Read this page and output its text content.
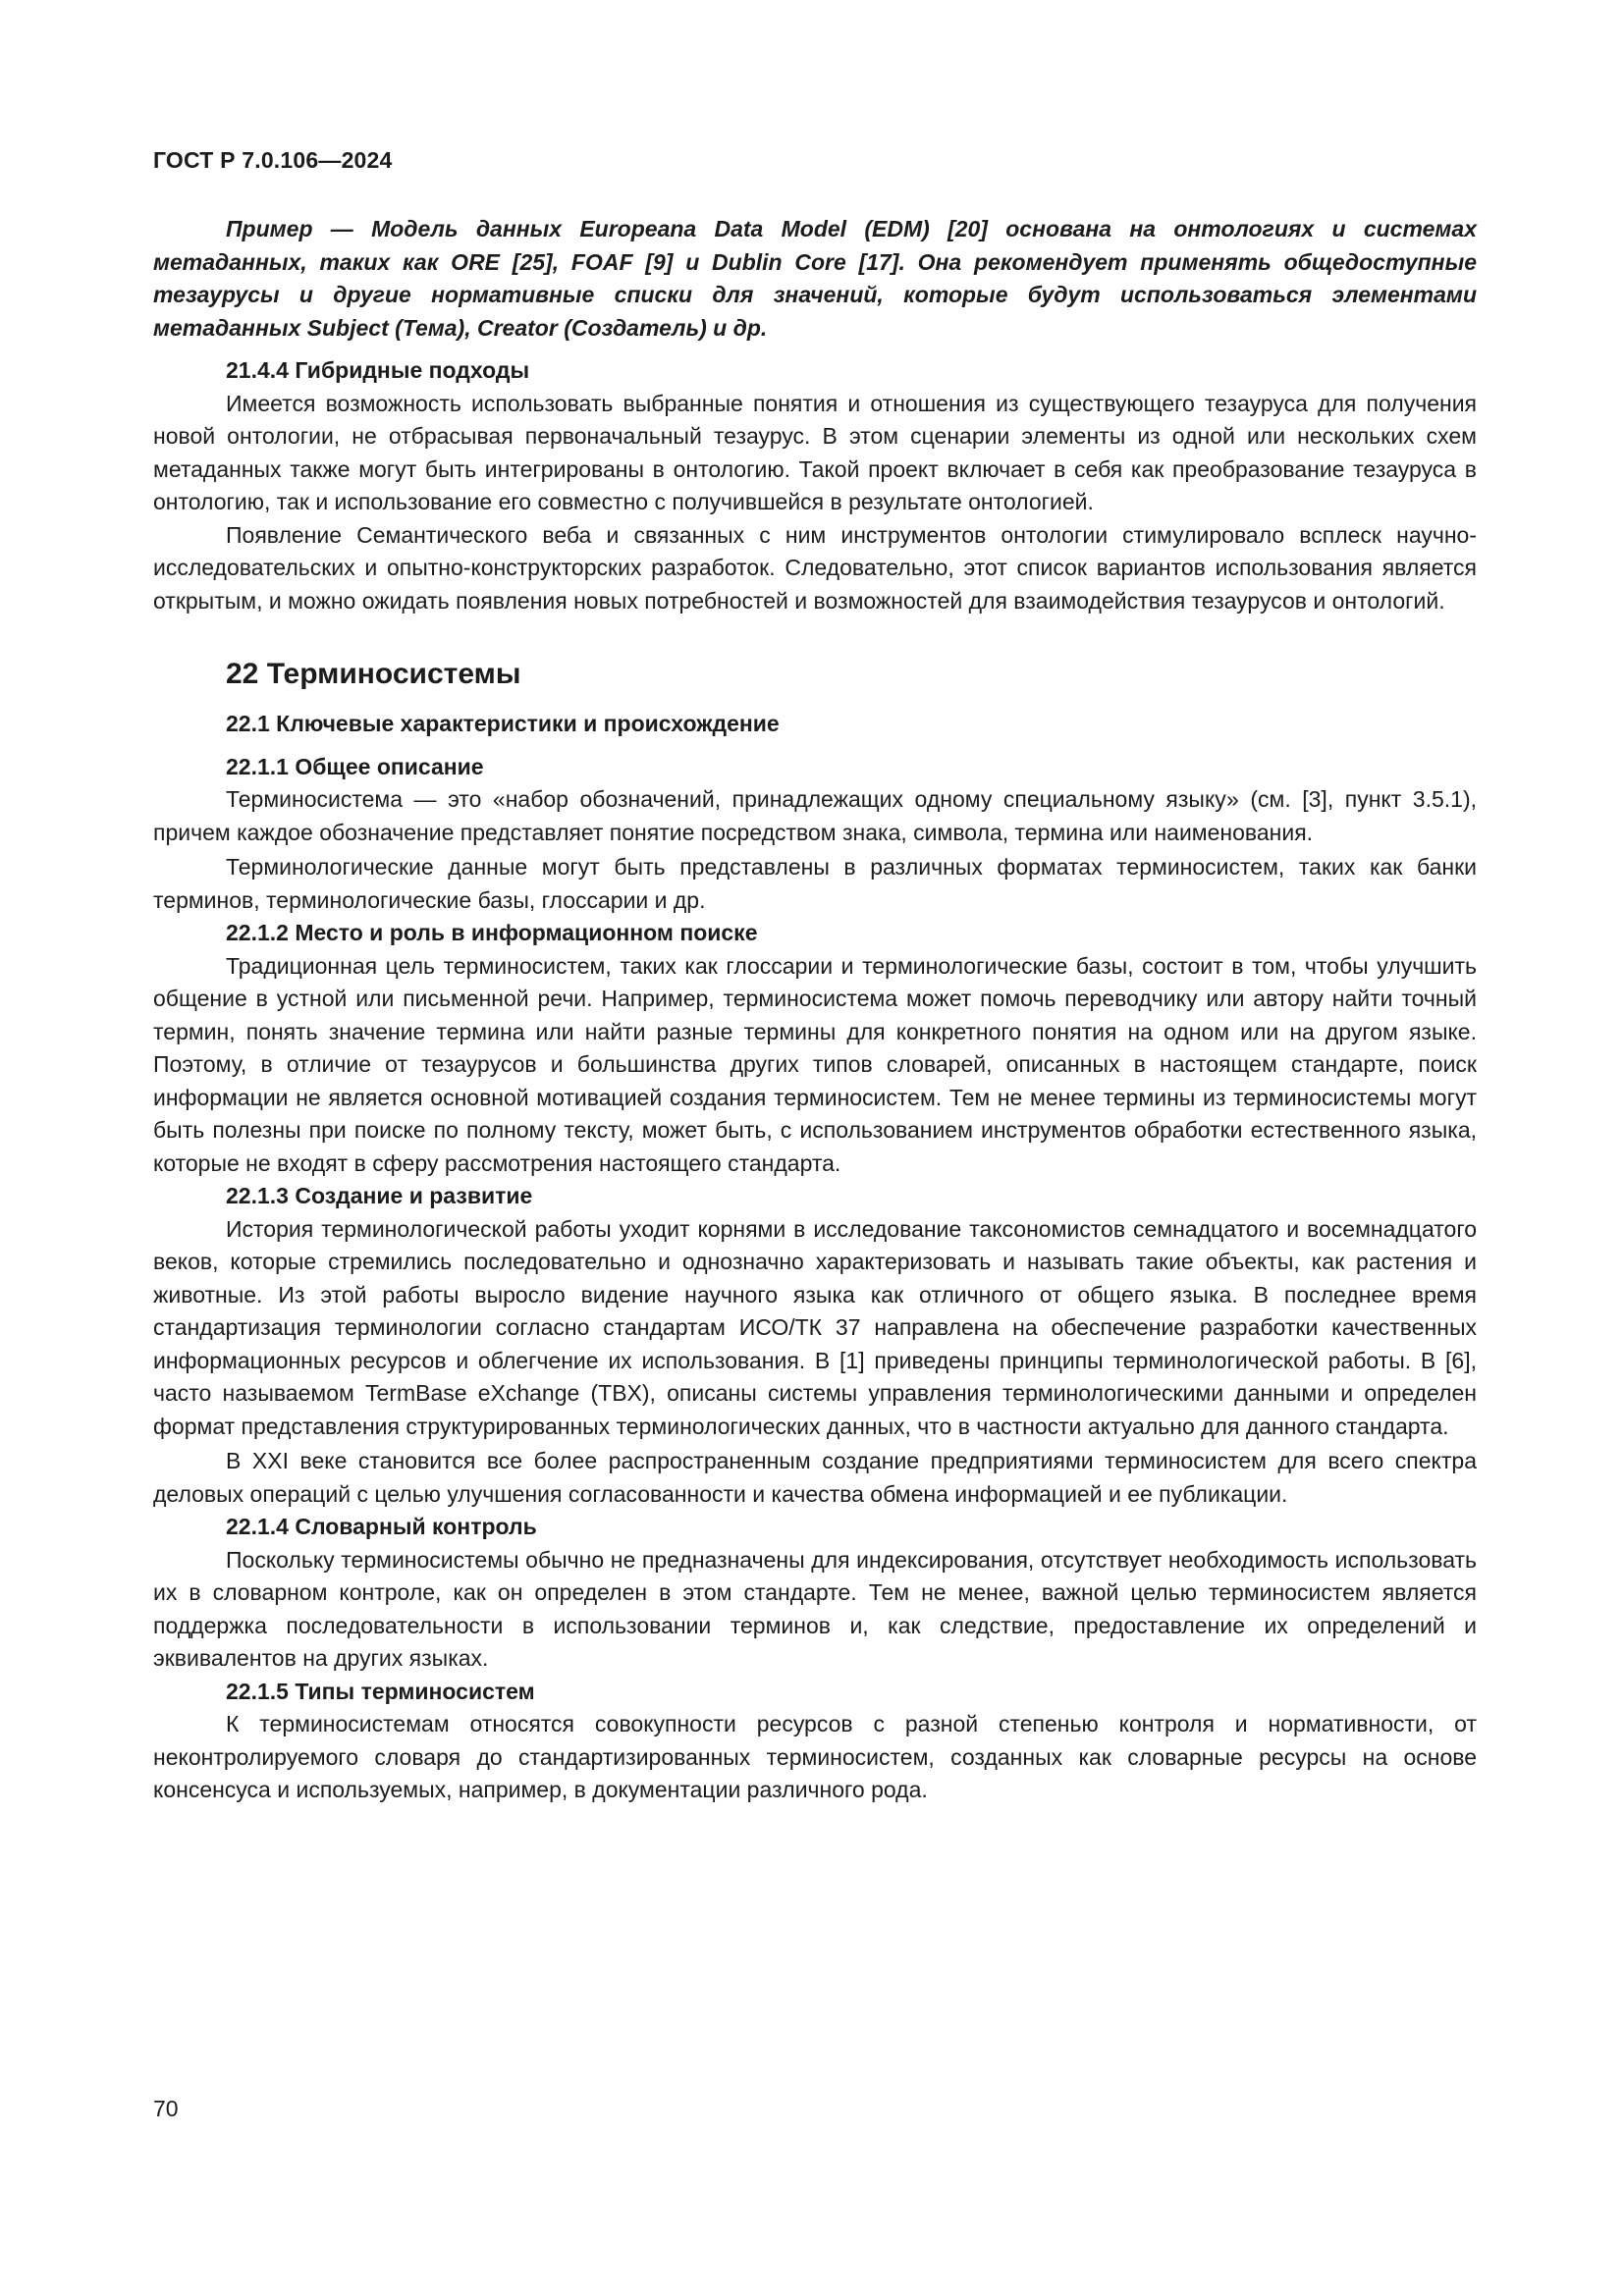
ГОСТ Р 7.0.106—2024

Пример — Модель данных Europeana Data Model (EDM) [20] основана на онтологиях и системах метаданных, таких как ORE [25], FOAF [9] и Dublin Core [17]. Она рекомендует применять общедоступные тезаурусы и другие нормативные списки для значений, которые будут использоваться элементами метаданных Subject (Тема), Creator (Создатель) и др.

21.4.4 Гибридные подходы

Имеется возможность использовать выбранные понятия и отношения из существующего тезауруса для получения новой онтологии, не отбрасывая первоначальный тезаурус. В этом сценарии элементы из одной или нескольких схем метаданных также могут быть интегрированы в онтологию. Такой проект включает в себя как преобразование тезауруса в онтологию, так и использование его совместно с получившейся в результате онтологией.

Появление Семантического веба и связанных с ним инструментов онтологии стимулировало всплеск научно-исследовательских и опытно-конструкторских разработок. Следовательно, этот список вариантов использования является открытым, и можно ожидать появления новых потребностей и возможностей для взаимодействия тезаурусов и онтологий.

22 Терминосистемы
22.1 Ключевые характеристики и происхождение
22.1.1 Общее описание

Терминосистема — это «набор обозначений, принадлежащих одному специальному языку» (см. [3], пункт 3.5.1), причем каждое обозначение представляет понятие посредством знака, символа, термина или наименования.

Терминологические данные могут быть представлены в различных форматах терминосистем, таких как банки терминов, терминологические базы, глоссарии и др.

22.1.2 Место и роль в информационном поиске

Традиционная цель терминосистем, таких как глоссарии и терминологические базы, состоит в том, чтобы улучшить общение в устной или письменной речи. Например, терминосистема может помочь переводчику или автору найти точный термин, понять значение термина или найти разные термины для конкретного понятия на одном или на другом языке. Поэтому, в отличие от тезаурусов и большинства других типов словарей, описанных в настоящем стандарте, поиск информации не является основной мотивацией создания терминосистем. Тем не менее термины из терминосистемы могут быть полезны при поиске по полному тексту, может быть, с использованием инструментов обработки естественного языка, которые не входят в сферу рассмотрения настоящего стандарта.

22.1.3 Создание и развитие

История терминологической работы уходит корнями в исследование таксономистов семнадцатого и восемнадцатого веков, которые стремились последовательно и однозначно характеризовать и называть такие объекты, как растения и животные. Из этой работы выросло видение научного языка как отличного от общего языка. В последнее время стандартизация терминологии согласно стандартам ИСО/ТК 37 направлена на обеспечение разработки качественных информационных ресурсов и облегчение их использования. В [1] приведены принципы терминологической работы. В [6], часто называемом TermBase eXchange (TBX), описаны системы управления терминологическими данными и определен формат представления структурированных терминологических данных, что в частности актуально для данного стандарта.

В XXI веке становится все более распространенным создание предприятиями терминосистем для всего спектра деловых операций с целью улучшения согласованности и качества обмена информацией и ее публикации.

22.1.4 Словарный контроль

Поскольку терминосистемы обычно не предназначены для индексирования, отсутствует необходимость использовать их в словарном контроле, как он определен в этом стандарте. Тем не менее, важной целью терминосистем является поддержка последовательности в использовании терминов и, как следствие, предоставление их определений и эквивалентов на других языках.

22.1.5 Типы терминосистем

К терминосистемам относятся совокупности ресурсов с разной степенью контроля и нормативности, от неконтролируемого словаря до стандартизированных терминосистем, созданных как словарные ресурсы на основе консенсуса и используемых, например, в документации различного рода.

70
